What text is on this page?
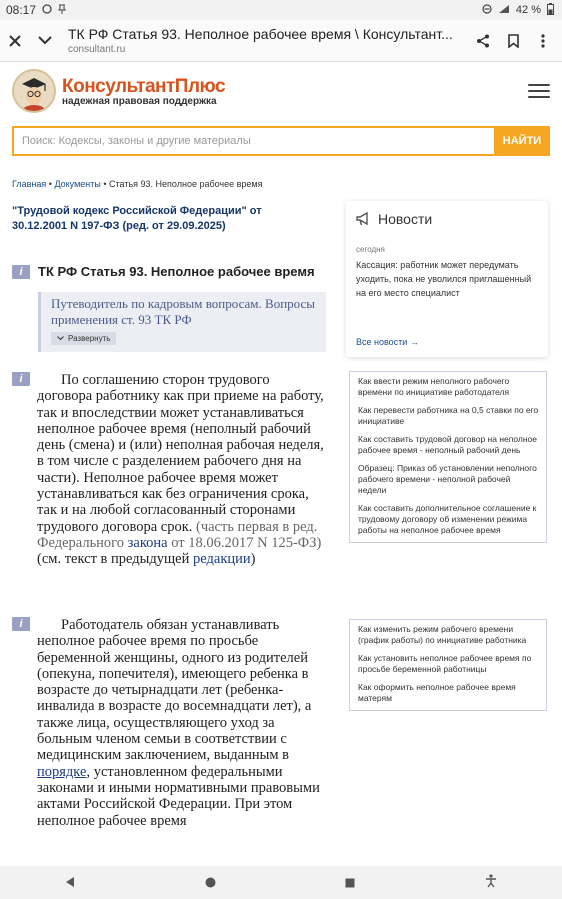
08:17	42 %
ТК РФ Статья 93. Неполное рабочее время \ Консультант...
consultant.ru
КонсультантПлюс
надежная правовая поддержка
Поиск: Кодексы, законы и другие материалы
НАЙТИ
Главная • Документы • Статья 93. Неполное рабочее время
"Трудовой кодекс Российской Федерации" от 30.12.2001 N 197-ФЗ (ред. от 29.09.2025)	Новости
сегодня
Кассация: работник может передумать уходить, пока не уволился приглашенный на его место специалист
Все новости →
i	ТК РФ Статья 93. Неполное рабочее время
Путеводитель по кадровым вопросам. Вопросы применения ст. 93 ТК РФ
Развернуть
i	По соглашению сторон трудового договора работнику как при приеме на работу, так и впоследствии может устанавливаться неполное рабочее время (неполный рабочий день (смена) и (или) неполная рабочая неделя, в том числе с разделением рабочего дня на части). Неполное рабочее время может устанавливаться как без ограничения срока, так и на любой согласованный сторонами трудового договора срок. (часть первая в ред. Федерального закона от 18.06.2017 N 125-ФЗ)
(см. текст в предыдущей редакции)
i	Работодатель обязан устанавливать неполное рабочее время по просьбе беременной женщины, одного из родителей (опекуна, попечителя), имеющего ребенка в возрасте до четырнадцати лет (ребенка-инвалида в возрасте до восемнадцати лет), а также лица, осуществляющего уход за больным членом семьи в соответствии с медицинским заключением, выданным в порядке, установленном федеральными законами и иными нормативными правовыми актами Российской Федерации. При этом неполное рабочее время
Как ввести режим неполного рабочего времени по инициативе работодателя
Как перевести работника на 0,5 ставки по его инициативе
Как составить трудовой договор на неполное рабочее время - неполный рабочий день
Образец: Приказ об установлении неполного рабочего времени - неполной рабочей недели
Как составить дополнительное соглашение к трудовому договору об изменении режима работы на неполное рабочее время
Как изменить режим рабочего времени (график работы) по инициативе работника
Как установить неполное рабочее время по просьбе беременной работницы
Как оформить неполное рабочее время матерям
